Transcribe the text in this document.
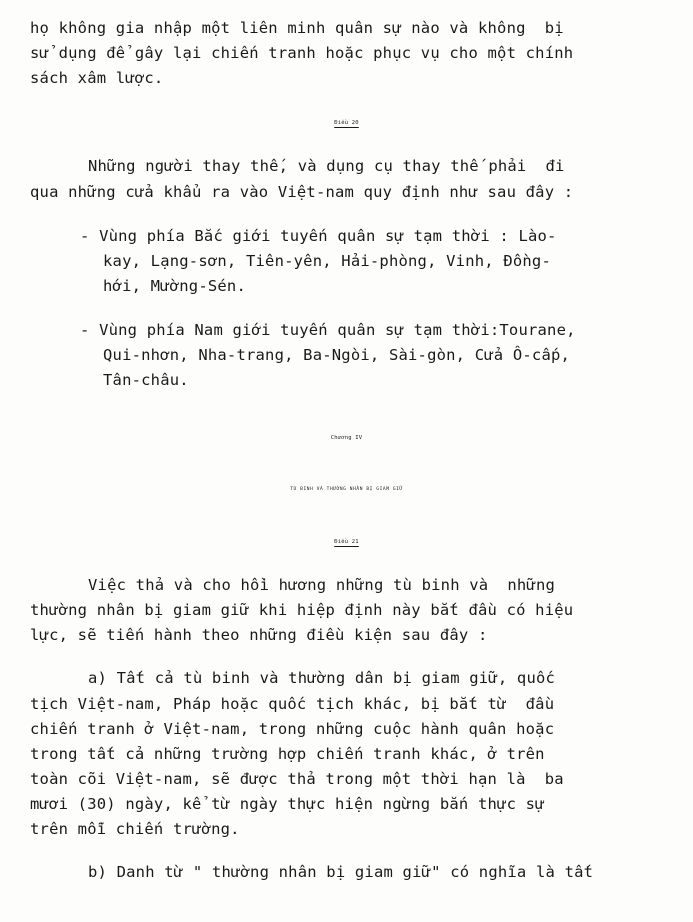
họ không gia nhập một liên minh quân sự nào và không  bị
sử dụng để gây lại chiến tranh hoặc phục vụ cho một chính
sách xâm lược.
Điều 20
Những người thay thế, và dụng cụ thay thế phải  đi
qua những cửa khẩu ra vào Việt-nam quy định như sau đây :
- Vùng phía Bắc giới tuyến quân sự tạm thời : Lào-
kay, Lạng-sơn, Tiên-yên, Hải-phòng, Vinh, Đồng-
hới, Mường-Sén.
- Vùng phía Nam giới tuyến quân sự tạm thời:Tourane,
Qui-nhơn, Nha-trang, Ba-Ngòi, Sài-gòn, Cửa Ô-cấp,
Tân-châu.
Chương IV
TÙ BINH VÀ THƯỜNG NHÂN BỊ GIAM GIỮ
Điều 21
Việc thả và cho hồi hương những tù binh và  những
thường nhân bị giam giữ khi hiệp định này bắt đầu có hiệu
lực, sẽ tiến hành theo những điều kiện sau đây :
a) Tất cả tù binh và thường dân bị giam giữ, quốc
tịch Việt-nam, Pháp hoặc quốc tịch khác, bị bắt từ  đầu
chiến tranh ở Việt-nam, trong những cuộc hành quân hoặc
trong tất cả những trường hợp chiến tranh khác, ở trên
toàn cõi Việt-nam, sẽ được thả trong một thời hạn là  ba
mươi (30) ngày, kể từ ngày thực hiện ngừng bắn thực sự
trên mỗi chiến trường.
b) Danh từ " thường nhân bị giam giữ" có nghĩa là tất
